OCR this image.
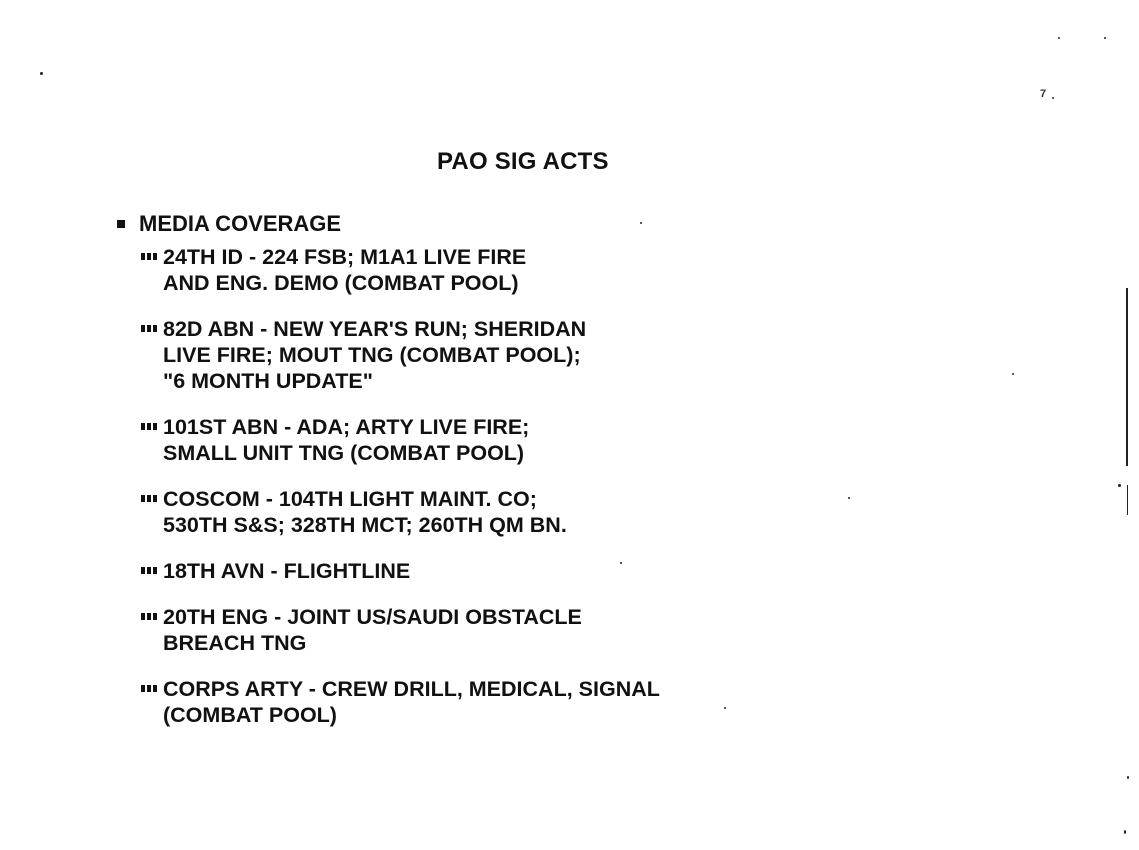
PAO SIG ACTS
MEDIA COVERAGE
24TH ID - 224 FSB; M1A1 LIVE FIRE
AND ENG. DEMO (COMBAT POOL)
82D ABN - NEW YEAR'S RUN; SHERIDAN
LIVE FIRE; MOUT TNG (COMBAT POOL);
"6 MONTH UPDATE"
101ST ABN - ADA; ARTY LIVE FIRE;
SMALL UNIT TNG (COMBAT POOL)
COSCOM - 104TH LIGHT MAINT. CO;
530TH S&S; 328TH MCT; 260TH QM BN.
18TH AVN - FLIGHTLINE
20TH ENG - JOINT US/SAUDI OBSTACLE
BREACH TNG
CORPS ARTY - CREW DRILL, MEDICAL, SIGNAL
(COMBAT POOL)
7
